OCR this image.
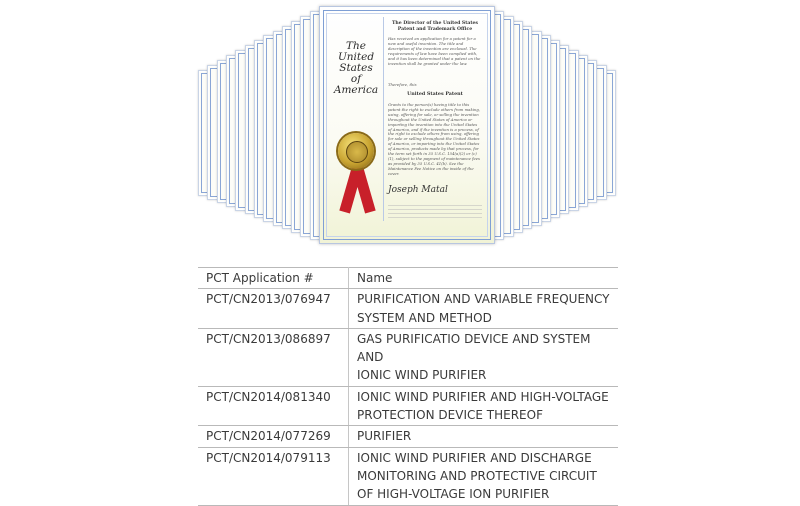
The
United
States
of
America
The Director of the United States
Patent and Trademark Office
Has received an application for a patent for a new and useful invention. The title and description of the invention are enclosed. The requirements of law have been complied with, and it has been determined that a patent on the invention shall be granted under the law.
Therefore, this
United States Patent
Grants to the person(s) having title to this patent the right to exclude others from making, using, offering for sale, or selling the invention throughout the United States of America or importing the invention into the United States of America, and if the invention is a process, of the right to exclude others from using, offering for sale or selling throughout the United States of America, or importing into the United States of America, products made by that process, for the term set forth in 35 U.S.C. 154(a)(2) or (c)(1), subject to the payment of maintenance fees as provided by 35 U.S.C. 41(b). See the Maintenance Fee Notice on the inside of the cover.
Joseph Matal
PCT Application #	Name
PCT/CN2013/076947	PURIFICATION AND VARIABLE FREQUENCY
SYSTEM AND METHOD

PCT/CN2013/086897	GAS PURIFICATIO DEVICE AND SYSTEM AND
IONIC WIND PURIFIER

PCT/CN2014/081340	IONIC WIND PURIFIER AND HIGH-VOLTAGE
PROTECTION DEVICE THEREOF

PCT/CN2014/077269	PURIFIER

PCT/CN2014/079113	IONIC WIND PURIFIER AND DISCHARGE
MONITORING AND PROTECTIVE CIRCUIT
OF HIGH-VOLTAGE ION PURIFIER
